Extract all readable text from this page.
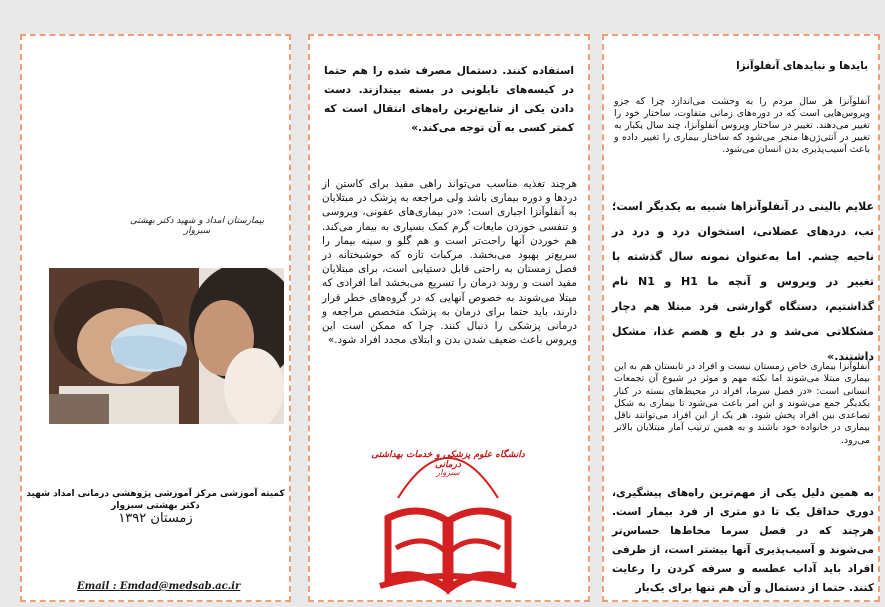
بیمارستان امداد و شهید دکتر بهشتی سبزوار
کمیته آموزشی مرکز آموزشی پژوهشی درمانی امداد شهید
دکتر بهشتی سبزوار
زمستان ۱۳۹۲
Email : Emdad@medsab.ac.ir
استفاده کنند. دستمال مصرف شده را هم حتما در کیسه‌های نایلونی در بسته بیندازند. دست دادن یکی از شایع‌ترین راه‌های انتقال است که کمتر کسی به آن توجه می‌کند.»
هرچند تغذیه مناسب می‌تواند راهی مفید برای کاستن از دردها و دوره بیماری باشد ولی مراجعه به پزشک در مبتلایان به آنفلوآنزا اجباری است: «در بیماری‌های عفونی، ویروسی و تنفسی خوردن مایعات گرم کمک بسیاری به بیمار می‌کند. هم خوردن آنها راحت‌تر است و هم گلو و سینه بیمار را سریع‌تر بهبود می‌بخشد. مرکبات تازه که خوشبختانه در فصل زمستان به راحتی قابل دستیابی است، برای مبتلایان مفید است و روند درمان را تسریع می‌بخشد اما افرادی که مبتلا می‌شوند به خصوص آنهایی که در گروه‌های خطر قرار دارند، باید حتما برای درمان به پزشک متخصص مراجعه و درمانی پزشکی را دنبال کنند. چرا که ممکن است این ویروس باعث ضعیف شدن بدن و ابتلای مجدد افراد شود.»
دانشگاه علوم پزشکی و خدمات بهداشتی درمانی
سبزوار
بایدها و نبایدهای آنفلوآنزا
آنفلوآنزا هر سال مردم را به وحشت می‌اندازد چرا که جزو ویروس‌هایی است که در دوره‌های زمانی متفاوت، ساختار خود را تغییر می‌دهند. تغییر در ساختار ویروس آنفلوآنزا، چند سال یکبار به تغییر در آنتی‌ژن‌ها منجر می‌شود که ساختار بیماری را تغییر داده و باعث آسیب‌پذیری بدن انسان می‌شود.
علایم بالینی در آنفلوآنزاها شبیه به یکدیگر است؛ تب، دردهای عضلانی، استخوان درد و درد در ناحیه چشم. اما به‌عنوان نمونه سال گذشته با تغییر در ویروس و آنچه ما H1 و N1 نام گذاشتیم، دستگاه گوارشی فرد مبتلا هم دچار مشکلاتی می‌شد و در بلع و هضم غذا، مشکل داشتند.»
آنفلوآنزا بیماری خاص زمستان نیست و افراد در تابستان هم به این بیماری مبتلا می‌شوند اما نکته مهم و موثر در شیوع آن تجمعات انسانی است: «در فصل سرما، افراد در محیط‌های بسته در کنار یکدیگر جمع می‌شوند و این امر باعث می‌شود تا بیماری به شکل تصاعدی بین افراد پخش شود. هر یک از این افراد می‌توانند ناقل بیماری در خانواده خود باشند و به همین ترتیب آمار مبتلایان بالاتر می‌رود.
به همین دلیل یکی از مهم‌ترین راه‌های پیشگیری، دوری حداقل یک تا دو متری از فرد بیمار است. هرچند که در فصل سرما مخاط‌ها حساس‌تر می‌شوند و آسیب‌پذیری آنها بیشتر است، از طرفی افراد باید آداب عطسه و سرفه کردن را رعایت کنند. حتما از دستمال و آن هم تنها برای یک‌بار
